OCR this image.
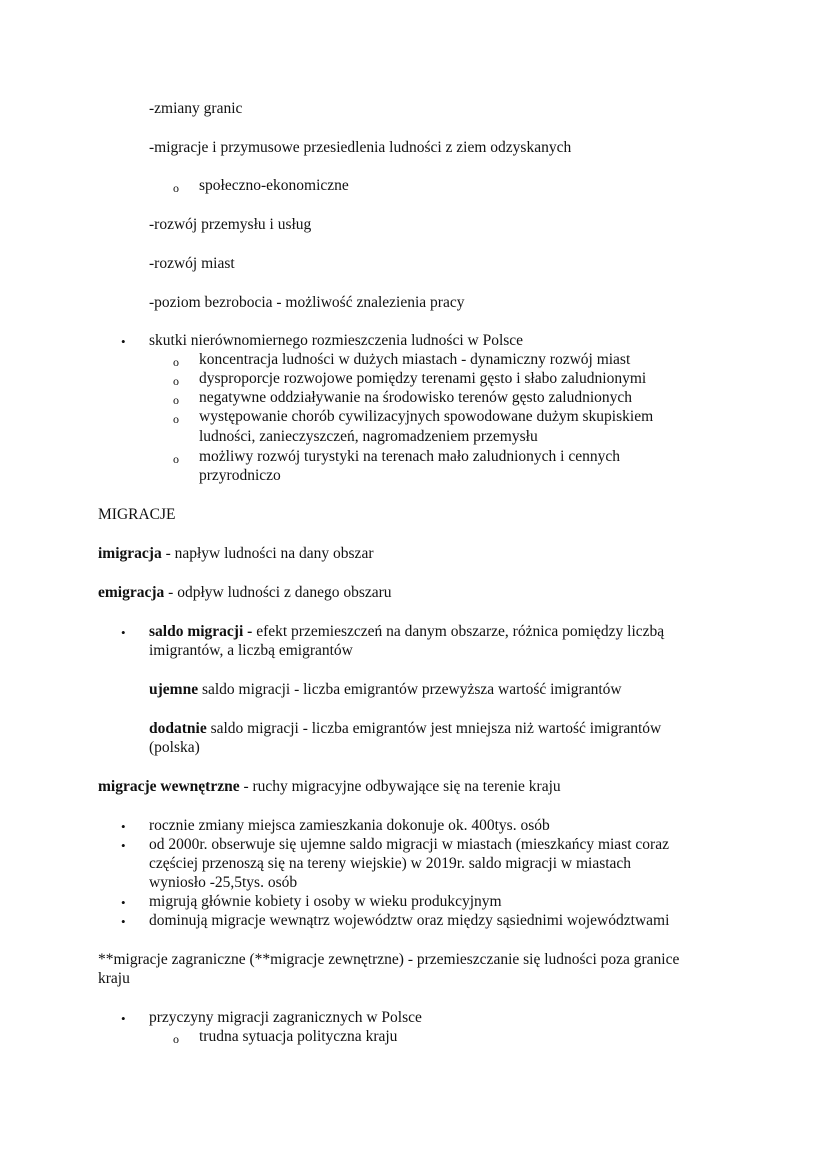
-zmiany granic
-migracje i przymusowe przesiedlenia ludności z ziem odzyskanych
o społeczno-ekonomiczne
-rozwój przemysłu i usług
-rozwój miast
-poziom bezrobocia - możliwość znalezienia pracy
• skutki nierównomiernego rozmieszczenia ludności w Polsce
o koncentracja ludności w dużych miastach - dynamiczny rozwój miast
o dysproporcje rozwojowe pomiędzy terenami gęsto i słabo zaludnionymi
o negatywne oddziaływanie na środowisko terenów gęsto zaludnionych
o występowanie chorób cywilizacyjnych spowodowane dużym skupiskiem
ludności, zanieczyszczeń, nagromadzeniem przemysłu
o możliwy rozwój turystyki na terenach mało zaludnionych i cennych
przyrodniczo
MIGRACJE
imigracja - napływ ludności na dany obszar
emigracja - odpływ ludności z danego obszaru
• saldo migracji - efekt przemieszczeń na danym obszarze, różnica pomiędzy liczbą
imigrantów, a liczbą emigrantów
ujemne saldo migracji - liczba emigrantów przewyższa wartość imigrantów
dodatnie saldo migracji - liczba emigrantów jest mniejsza niż wartość imigrantów
(polska)
migracje wewnętrzne - ruchy migracyjne odbywające się na terenie kraju
• rocznie zmiany miejsca zamieszkania dokonuje ok. 400tys. osób
• od 2000r. obserwuje się ujemne saldo migracji w miastach (mieszkańcy miast coraz
częściej przenoszą się na tereny wiejskie) w 2019r. saldo migracji w miastach
wyniosło -25,5tys. osób
• migrują głównie kobiety i osoby w wieku produkcyjnym
• dominują migracje wewnątrz województw oraz między sąsiednimi województwami
**migracje zagraniczne (**migracje zewnętrzne) - przemieszczanie się ludności poza granice
kraju
• przyczyny migracji zagranicznych w Polsce
o trudna sytuacja polityczna kraju
